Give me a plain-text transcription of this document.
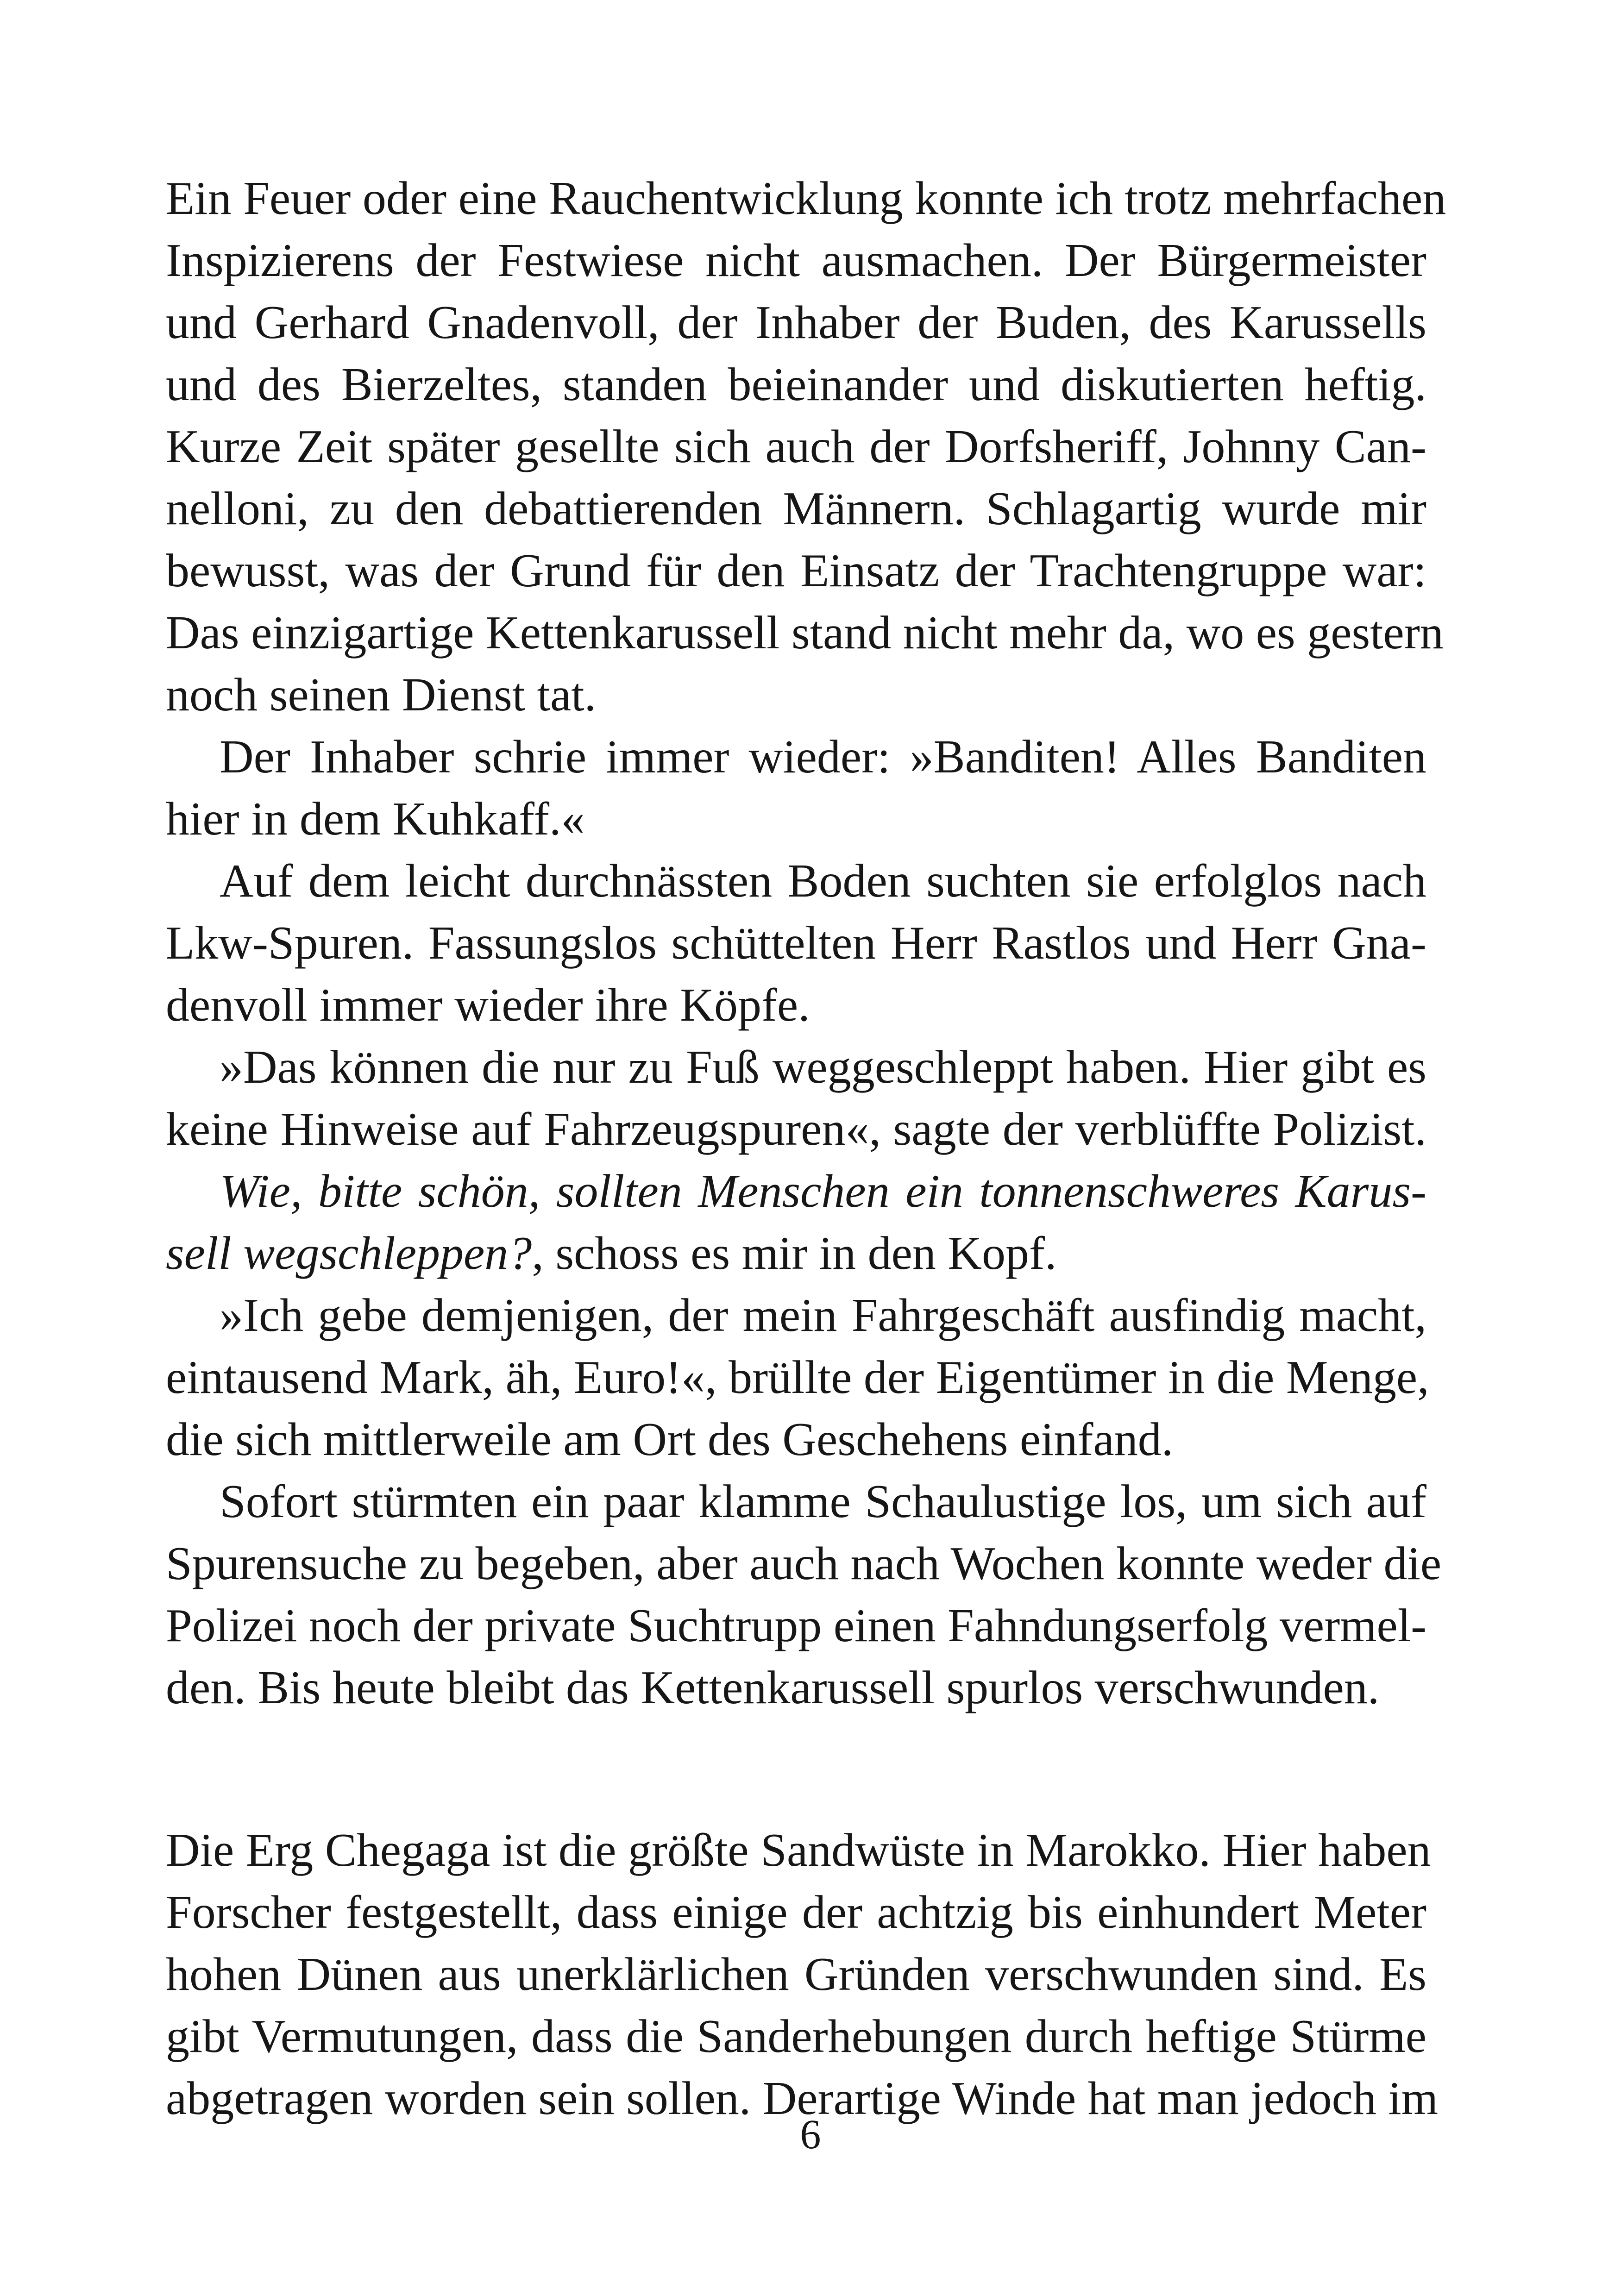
Ein Feuer oder eine Rauchentwicklung konnte ich trotz mehrfachen
Inspizierens der Festwiese nicht ausmachen. Der Bürgermeister
und Gerhard Gnadenvoll, der Inhaber der Buden, des Karussells
und des Bierzeltes, standen beieinander und diskutierten heftig.
Kurze Zeit später gesellte sich auch der Dorfsheriff, Johnny Can-
nelloni, zu den debattierenden Männern. Schlagartig wurde mir
bewusst, was der Grund für den Einsatz der Trachtengruppe war:
Das einzigartige Kettenkarussell stand nicht mehr da, wo es gestern
noch seinen Dienst tat.
Der Inhaber schrie immer wieder: »Banditen! Alles Banditen
hier in dem Kuhkaff.«
Auf dem leicht durchnässten Boden suchten sie erfolglos nach
Lkw-Spuren. Fassungslos schüttelten Herr Rastlos und Herr Gna-
denvoll immer wieder ihre Köpfe.
»Das können die nur zu Fuß weggeschleppt haben. Hier gibt es
keine Hinweise auf Fahrzeugspuren«, sagte der verblüffte Polizist.
Wie, bitte schön, sollten Menschen ein tonnenschweres Karus-
sell wegschleppen?, schoss es mir in den Kopf.
»Ich gebe demjenigen, der mein Fahrgeschäft ausfindig macht,
eintausend Mark, äh, Euro!«, brüllte der Eigentümer in die Menge,
die sich mittlerweile am Ort des Geschehens einfand.
Sofort stürmten ein paar klamme Schaulustige los, um sich auf
Spurensuche zu begeben, aber auch nach Wochen konnte weder die
Polizei noch der private Suchtrupp einen Fahndungserfolg vermel-
den. Bis heute bleibt das Kettenkarussell spurlos verschwunden.
Die Erg Chegaga ist die größte Sandwüste in Marokko. Hier haben
Forscher festgestellt, dass einige der achtzig bis einhundert Meter
hohen Dünen aus unerklärlichen Gründen verschwunden sind. Es
gibt Vermutungen, dass die Sanderhebungen durch heftige Stürme
abgetragen worden sein sollen. Derartige Winde hat man jedoch im
6
